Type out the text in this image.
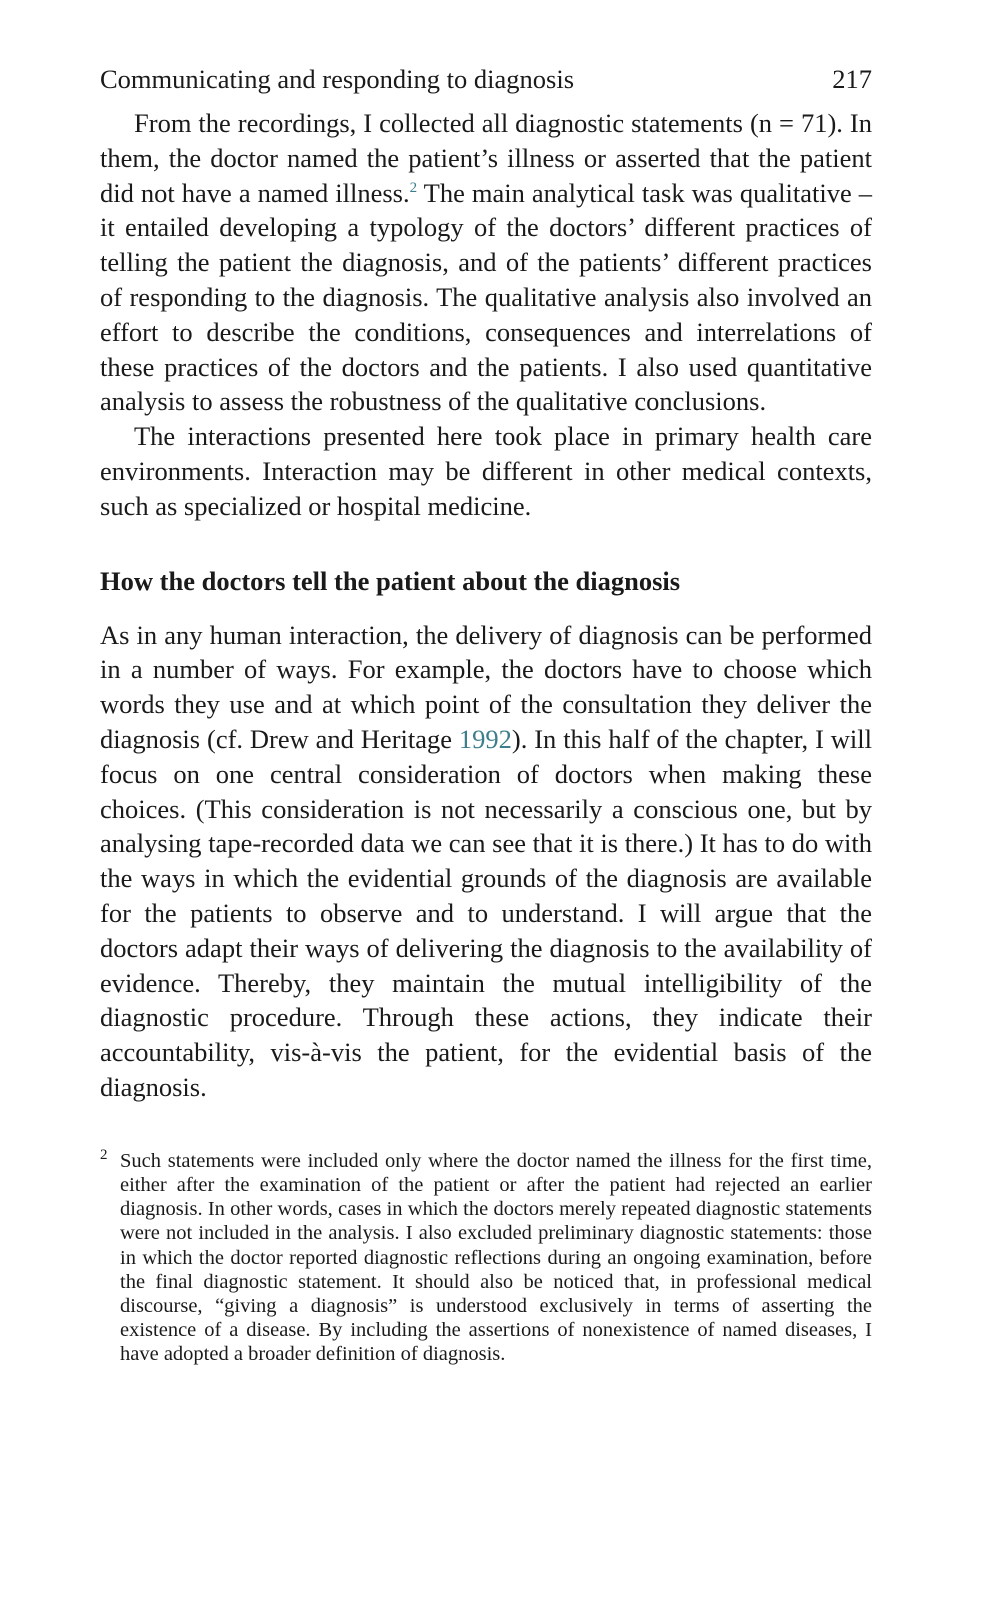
Communicating and responding to diagnosis	217

From the recordings, I collected all diagnostic statements (n = 71). In them, the doctor named the patient’s illness or asserted that the patient did not have a named illness.$^2$ The main analytical task was qualitative – it entailed developing a typology of the doctors’ different practices of telling the patient the diagnosis, and of the patients’ different practices of responding to the diagnosis. The qualitative analysis also involved an effort to describe the conditions, consequences and interrelations of these practices of the doctors and the patients. I also used quantitative analysis to assess the robustness of the qualitative conclusions.

The interactions presented here took place in primary health care environments. Interaction may be different in other medical contexts, such as specialized or hospital medicine.

How the doctors tell the patient about the diagnosis

As in any human interaction, the delivery of diagnosis can be performed in a number of ways. For example, the doctors have to choose which words they use and at which point of the consultation they deliver the diagnosis (cf. Drew and Heritage 1992). In this half of the chapter, I will focus on one central consideration of doctors when making these choices. (This consideration is not necessarily a conscious one, but by analysing tape-recorded data we can see that it is there.) It has to do with the ways in which the evidential grounds of the diagnosis are available for the patients to observe and to understand. I will argue that the doctors adapt their ways of delivering the diagnosis to the availability of evidence. Thereby, they maintain the mutual intelligibility of the diagnostic procedure. Through these actions, they indicate their accountability, vis-à-vis the patient, for the evidential basis of the diagnosis.

2 Such statements were included only where the doctor named the illness for the first time, either after the examination of the patient or after the patient had rejected an earlier diagnosis. In other words, cases in which the doctors merely repeated diagnostic statements were not included in the analysis. I also excluded preliminary diagnostic statements: those in which the doctor reported diagnostic reflections during an ongoing examination, before the final diagnostic statement. It should also be noticed that, in professional medical discourse, “giving a diagnosis” is understood exclusively in terms of asserting the existence of a disease. By including the assertions of nonexistence of named diseases, I have adopted a broader definition of diagnosis.
